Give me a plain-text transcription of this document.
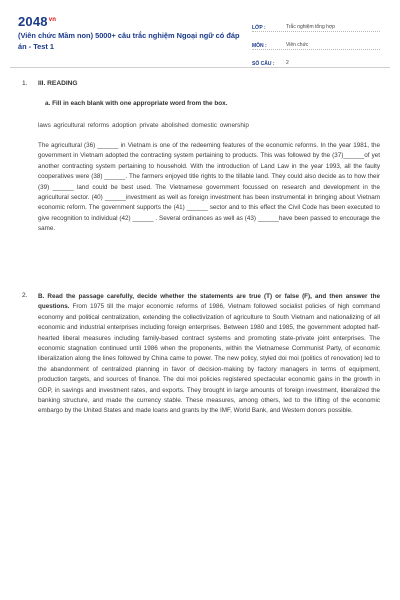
$2048^{vn}$
(Viên chức Mầm non) 5000+ câu trắc nghiệm Ngoại ngữ có đáp án - Test 1
LỚP :	Trắc nghiệm tổng hợp
MÔN :	Viên chức
SỐ CÂU :	2
1. III. READING
a. Fill in each blank with one appropriate word from the box.
laws agricultural reforms adoption private abolished domestic ownership
The agricultural (36) ______ in Vietnam is one of the redeeming features of the economic reforms. In the year 1981, the government in Vietnam adopted the contracting system pertaining to products. This was followed by the (37)______of yet another contracting system pertaining to household. With the introduction of Land Law in the year 1993, all the faulty cooperatives were (38) ______. The farmers enjoyed title rights to the tillable land. They could also decide as to how their (39) ______ land could be best used. The Vietnamese government focussed on research and development in the agricultural sector. (40) ______investment as well as foreign investment has been instrumental in bringing about Vietnam economic reform. The government supports the (41) ______ sector and to this effect the Civil Code has been executed to give recognition to individual (42) ______ . Several ordinances as well as (43) ______have been passed to encourage the same.
2. B. Read the passage carefully, decide whether the statements are true (T) or false (F), and then answer the questions. From 1975 till the major economic reforms of 1986, Vietnam followed socialist policies of high command economy and political centralization, extending the collectivization of agriculture to South Vietnam and nationalizing of all economic and industrial enterprises including foreign enterprises. Between 1980 and 1985, the government adopted half-hearted liberal measures including family-based contract systems and promoting state-private joint enterprises. The economic stagnation continued until 1986 when the proponents, within the Vietnamese Communist Party, of economic liberalization along the lines followed by China came to power. The new policy, styled doi moi (politics of renovation) led to the abandonment of centralized planning in favor of decision-making by factory managers in terms of equipment, production targets, and sources of finance. The doi moi policies registered spectacular economic gains in the growth in GDP, in savings and investment rates, and exports. They brought in large amounts of foreign investment, liberalized the banking structure, and made the currency stable. These measures, among others, led to the lifting of the economic embargo by the United States and made loans and grants by the IMF, World Bank, and Western donors possible.
